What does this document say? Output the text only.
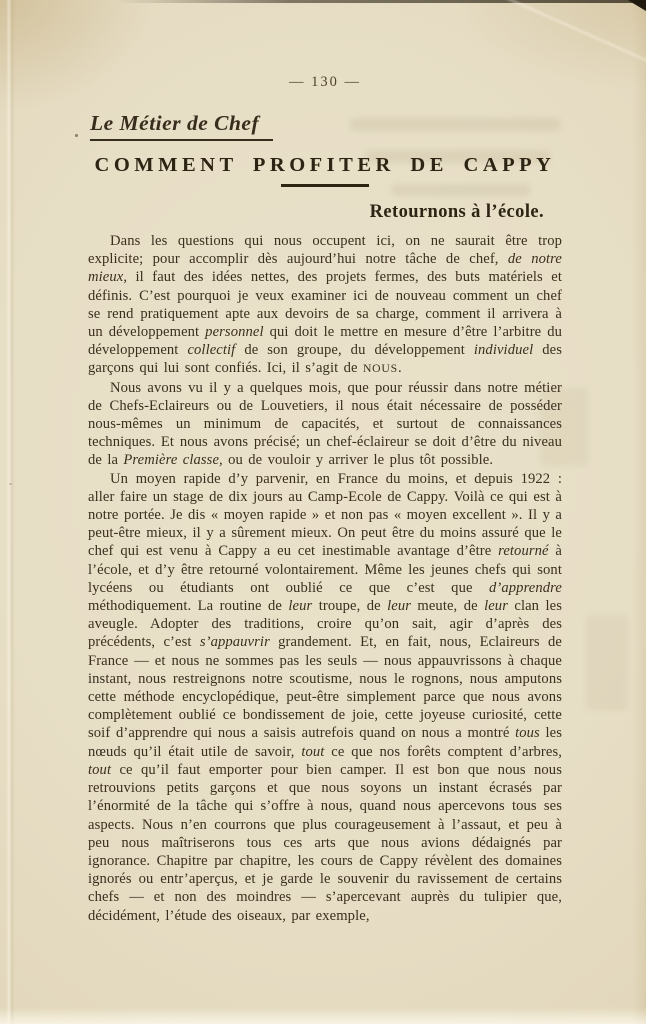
— 130 —
Le Métier de Chef
COMMENT PROFITER DE CAPPY
Retournons à l’école.

Dans les questions qui nous occupent ici, on ne saurait être trop explicite; pour accomplir dès aujourd’hui notre tâche de chef, de notre mieux, il faut des idées nettes, des projets fermes, des buts matériels et définis. C’est pourquoi je veux examiner ici de nouveau comment un chef se rend pratiquement apte aux devoirs de sa charge, comment il arrivera à un développement personnel qui doit le mettre en mesure d’être l’arbitre du développement collectif de son groupe, du développement individuel des garçons qui lui sont confiés. Ici, il s’agit de NOUS.

Nous avons vu il y a quelques mois, que pour réussir dans notre métier de Chefs-Eclaireurs ou de Louvetiers, il nous était nécessaire de posséder nous-mêmes un minimum de capacités, et surtout de connaissances techniques. Et nous avons précisé; un chef-éclaireur se doit d’être du niveau de la Première classe, ou de vouloir y arriver le plus tôt possible.

Un moyen rapide d’y parvenir, en France du moins, et depuis 1922 : aller faire un stage de dix jours au Camp-Ecole de Cappy. Voilà ce qui est à notre portée. Je dis « moyen rapide » et non pas « moyen excellent ». Il y a peut-être mieux, il y a sûrement mieux. On peut être du moins assuré que le chef qui est venu à Cappy a eu cet inestimable avantage d’être retourné à l’école, et d’y être retourné volontairement. Même les jeunes chefs qui sont lycéens ou étudiants ont oublié ce que c’est que d’apprendre méthodiquement. La routine de leur troupe, de leur meute, de leur clan les aveugle. Adopter des traditions, croire qu’on sait, agir d’après des précédents, c’est s’appauvrir grandement. Et, en fait, nous, Eclaireurs de France — et nous ne sommes pas les seuls — nous appauvrissons à chaque instant, nous restreignons notre scoutisme, nous le rognons, nous amputons cette méthode encyclopédique, peut-être simplement parce que nous avons complètement oublié ce bondissement de joie, cette joyeuse curiosité, cette soif d’apprendre qui nous a saisis autrefois quand on nous a montré tous les nœuds qu’il était utile de savoir, tout ce que nos forêts comptent d’arbres, tout ce qu’il faut emporter pour bien camper. Il est bon que nous nous retrouvions petits garçons et que nous soyons un instant écrasés par l’énormité de la tâche qui s’offre à nous, quand nous apercevons tous ses aspects. Nous n’en courrons que plus courageusement à l’assaut, et peu à peu nous maîtriserons tous ces arts que nous avions dédaignés par ignorance. Chapitre par chapitre, les cours de Cappy révèlent des domaines ignorés ou entr’aperçus, et je garde le souvenir du ravissement de certains chefs — et non des moindres — s’apercevant auprès du tulipier que, décidément, l’étude des oiseaux, par exemple,
